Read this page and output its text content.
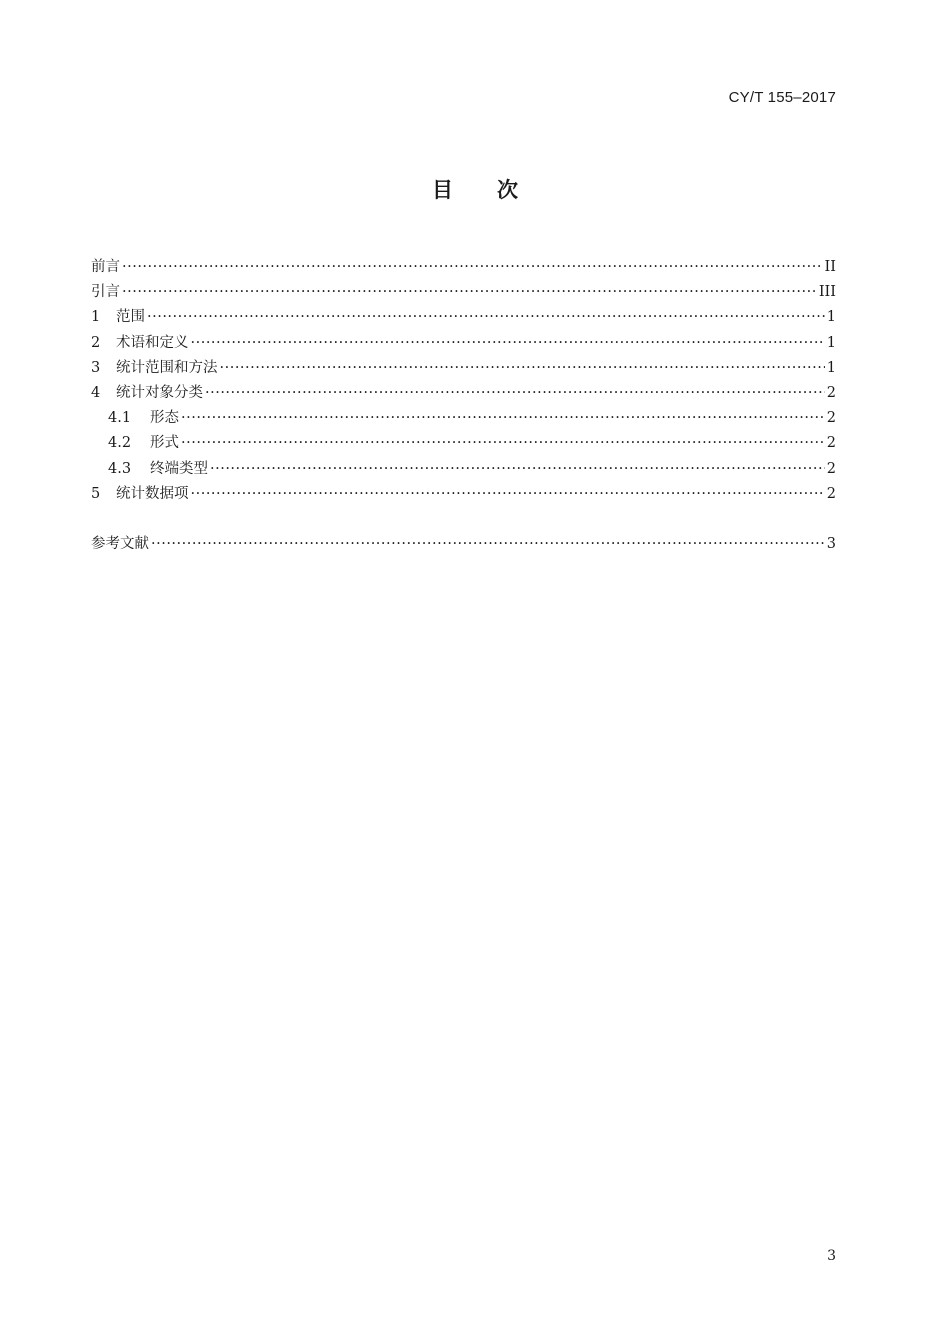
CY/T 155–2017
目 次
前言 ·····	II
引言 ·····	III
1	范围 ·····	1
2	术语和定义 ·····	1
3	统计范围和方法 ·····	1
4	统计对象分类 ·····	2
4.1	形态 ·····	2
4.2	形式 ·····	2
4.3	终端类型 ·····	2
5	统计数据项 ·····	2
参考文献 ·····	3
3
